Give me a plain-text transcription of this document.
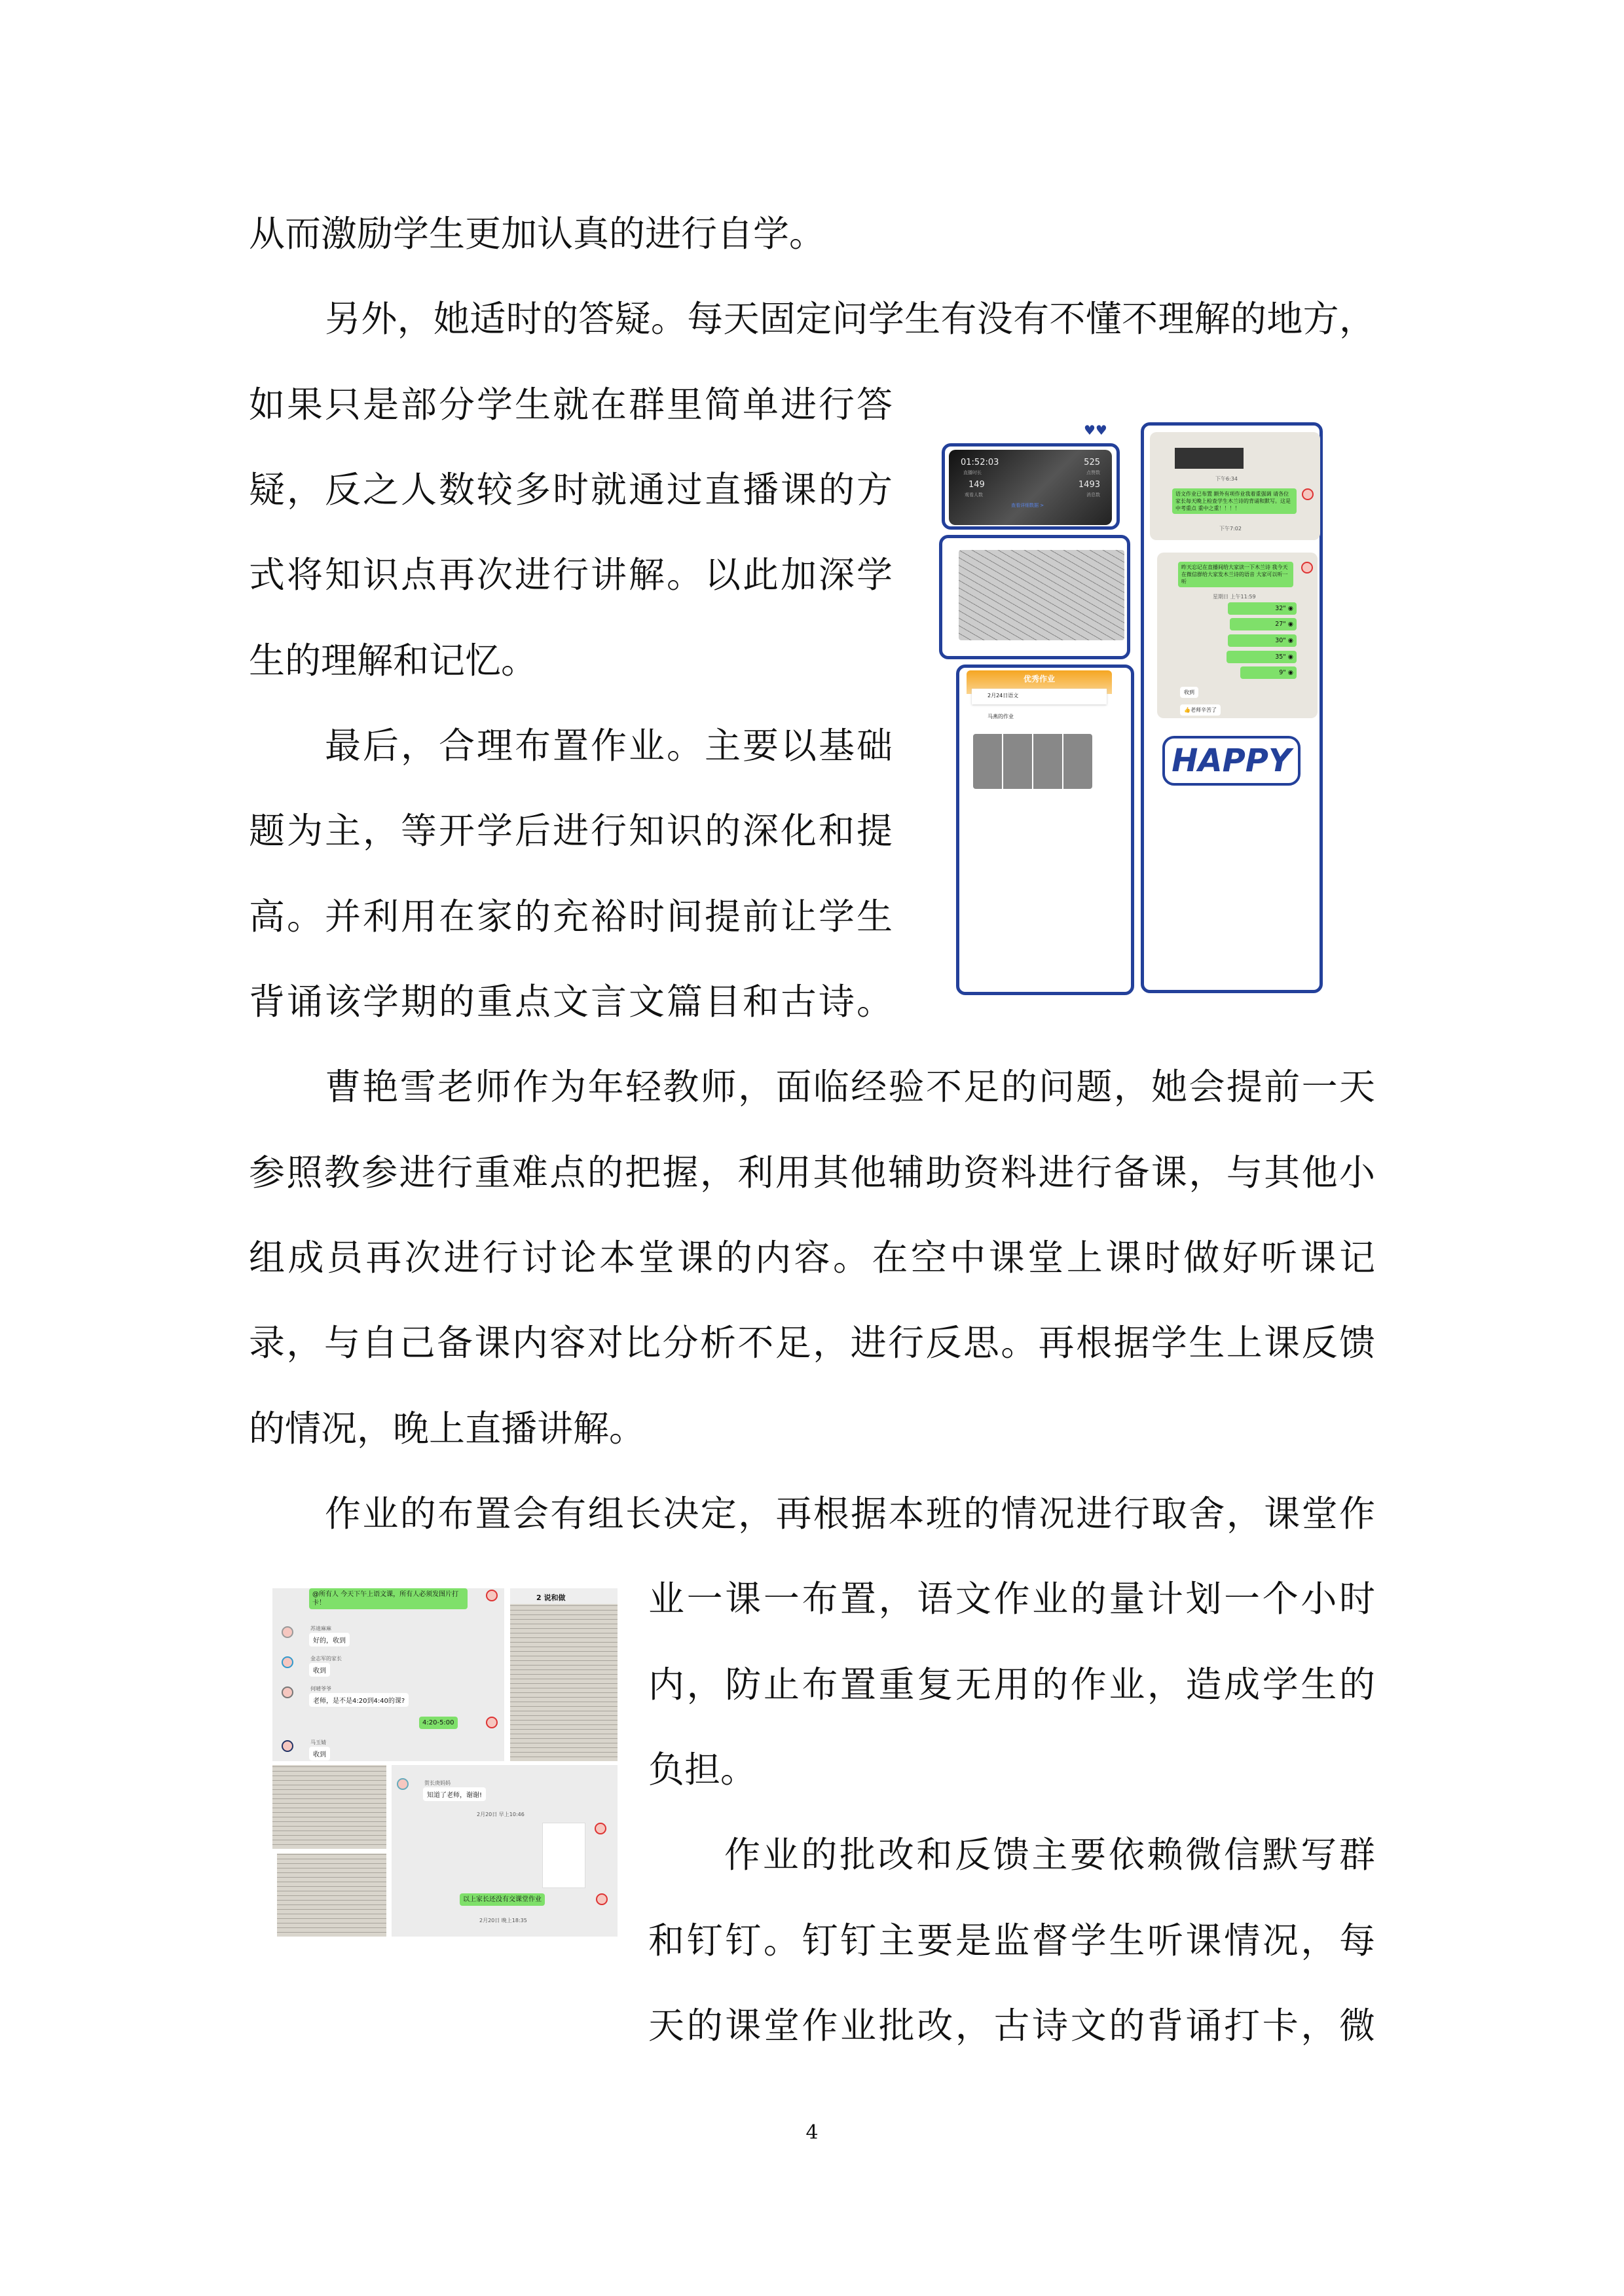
从而激励学生更加认真的进行自学。
另外，她适时的答疑。每天固定问学生有没有不懂不理解的地方，
如果只是部分学生就在群里简单进行答
疑，反之人数较多时就通过直播课的方
式将知识点再次进行讲解。以此加深学
生的理解和记忆。
最后，合理布置作业。主要以基础
题为主，等开学后进行知识的深化和提
高。并利用在家的充裕时间提前让学生
背诵该学期的重点文言文篇目和古诗。
曹艳雪老师作为年轻教师，面临经验不足的问题，她会提前一天
参照教参进行重难点的把握，利用其他辅助资料进行备课，与其他小
组成员再次进行讨论本堂课的内容。在空中课堂上课时做好听课记
录，与自己备课内容对比分析不足，进行反思。再根据学生上课反馈
的情况，晚上直播讲解。
作业的布置会有组长决定，再根据本班的情况进行取舍，课堂作
业一课一布置，语文作业的量计划一个小时
内，防止布置重复无用的作业，造成学生的
负担。
作业的批改和反馈主要依赖微信默写群
和钉钉。钉钉主要是监督学生听课情况，每
天的课堂作业批改，古诗文的背诵打卡，微
4
♥♥
01:52:03
直播时长
525
点赞数
149
观看人数
1493
消息数
查看详细数据 >
下午6:34
语文作业已布置 额外有项作业我着重强调 请各位家长每天晚上检查学生木兰诗的背诵和默写。这是中考重点 重中之重！！！！
下午7:02
昨天忘记在直播间给大家读一下木兰诗 我今天在微信群给大家发木兰诗的语音 大家可以听一听
星期日 上午11:59
32" ◉
27" ◉
30" ◉
35" ◉
9" ◉
收到
👍老师辛苦了
优秀作业
2月24日语文
马燕的作业
HAPPY
@所有人 今天下午上语文课，所有人必须发图片打卡！
苏迪麻麻
好的，收到
金志军的家长
收到
何晴爷爷
老师，是不是4:20到4:40的课?
4:20-5:00
马玉婧
收到
2 说和做
贺长庚妈妈
知道了老师，谢谢!
2月20日 早上10:46
以上家长还没有交课堂作业
2月20日 晚上18:35
